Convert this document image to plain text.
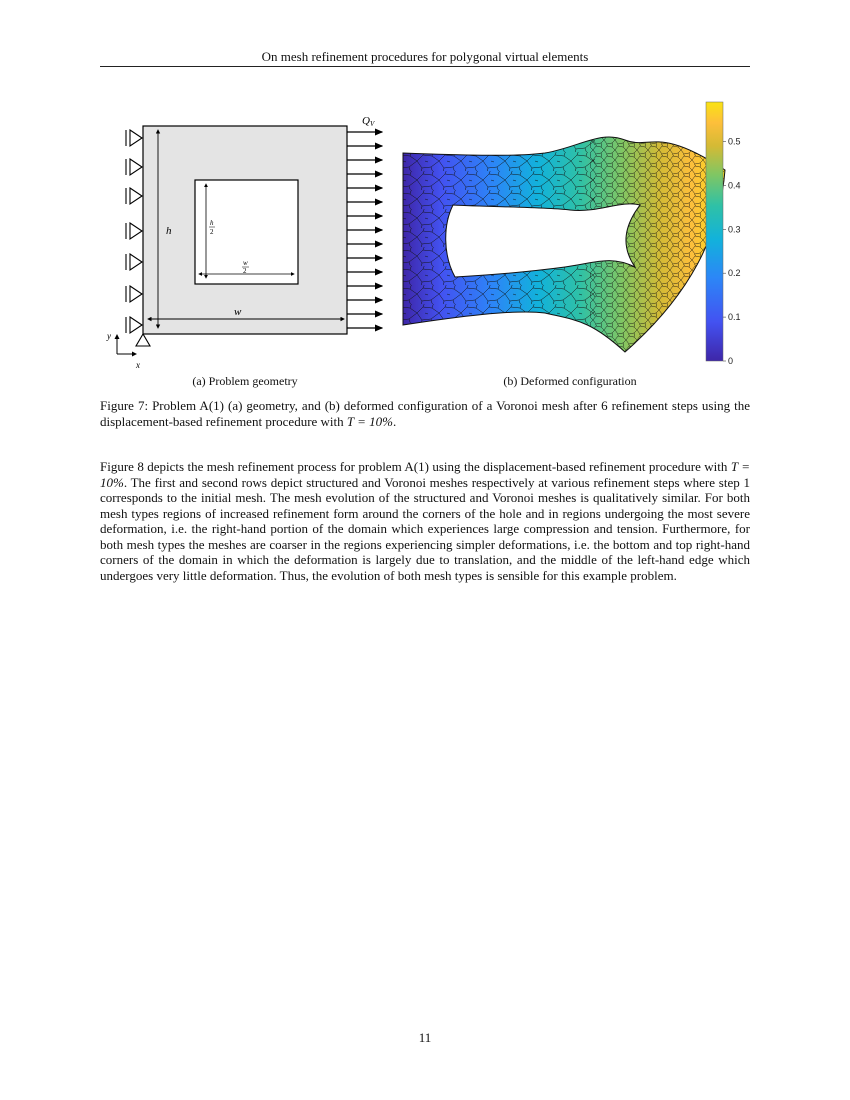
On mesh refinement procedures for polygonal virtual elements
QV
h
w
h
2
w
2
y
x
0.5
0.4
0.3
0.2
0.1
0
(a) Problem geometry	(b) Deformed configuration
Figure 7: Problem A(1) (a) geometry, and (b) deformed configuration of a Voronoi mesh after 6 refinement steps using the displacement-based refinement procedure with T = 10%.
Figure 8 depicts the mesh refinement process for problem A(1) using the displacement-based refinement procedure with T = 10%. The first and second rows depict structured and Voronoi meshes respectively at various refinement steps where step 1 corresponds to the initial mesh. The mesh evolution of the structured and Voronoi meshes is qualitatively similar. For both mesh types regions of increased refinement form around the corners of the hole and in regions undergoing the most severe deformation, i.e. the right-hand portion of the domain which experiences large compression and tension. Furthermore, for both mesh types the meshes are coarser in the regions experiencing simpler deformations, i.e. the bottom and top right-hand corners of the domain in which the deformation is largely due to translation, and the middle of the left-hand edge which undergoes very little deformation. Thus, the evolution of both mesh types is sensible for this example problem.
11
